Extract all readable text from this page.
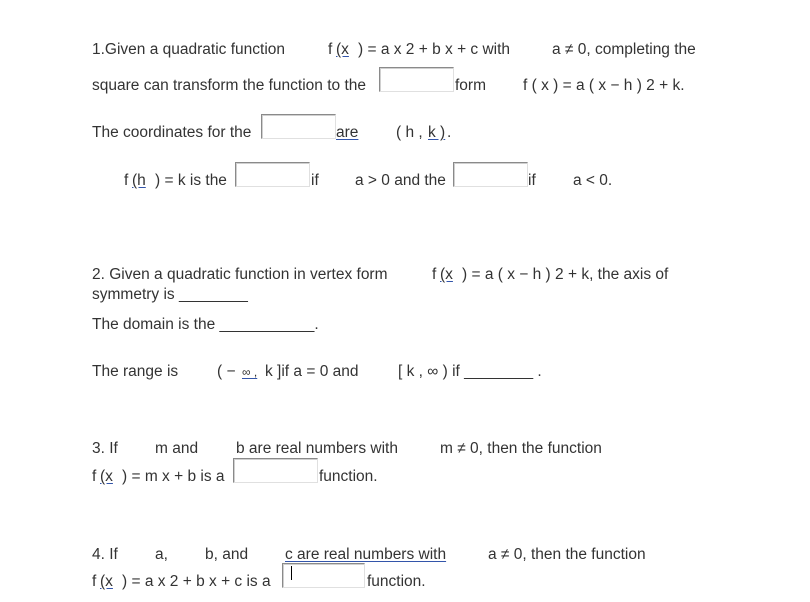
1.Given a quadratic function	f (x ) = a x 2 + b x + c with	a ≠ 0, completing the
square can transform the function to the	form f ( x ) = a ( x − h ) 2 + k.
The coordinates for the	are ( h , k ) .
f (h ) = k is the	if a > 0 and the	if a < 0.
2. Given a quadratic function in vertex form	f (x ) = a ( x − h ) 2 + k, the axis of
symmetry is ________
The domain is the ___________.
The range is	( − ∞ , k ]if a = 0 and	[ k , ∞ ) if ________ .
3. If m and b are real numbers with	m ≠ 0, then the function
f (x ) = m x + b is a	function.
4. If a, b, and c are real numbers with	a ≠ 0, then the function
f (x ) = a x 2 + b x + c is a	function.
